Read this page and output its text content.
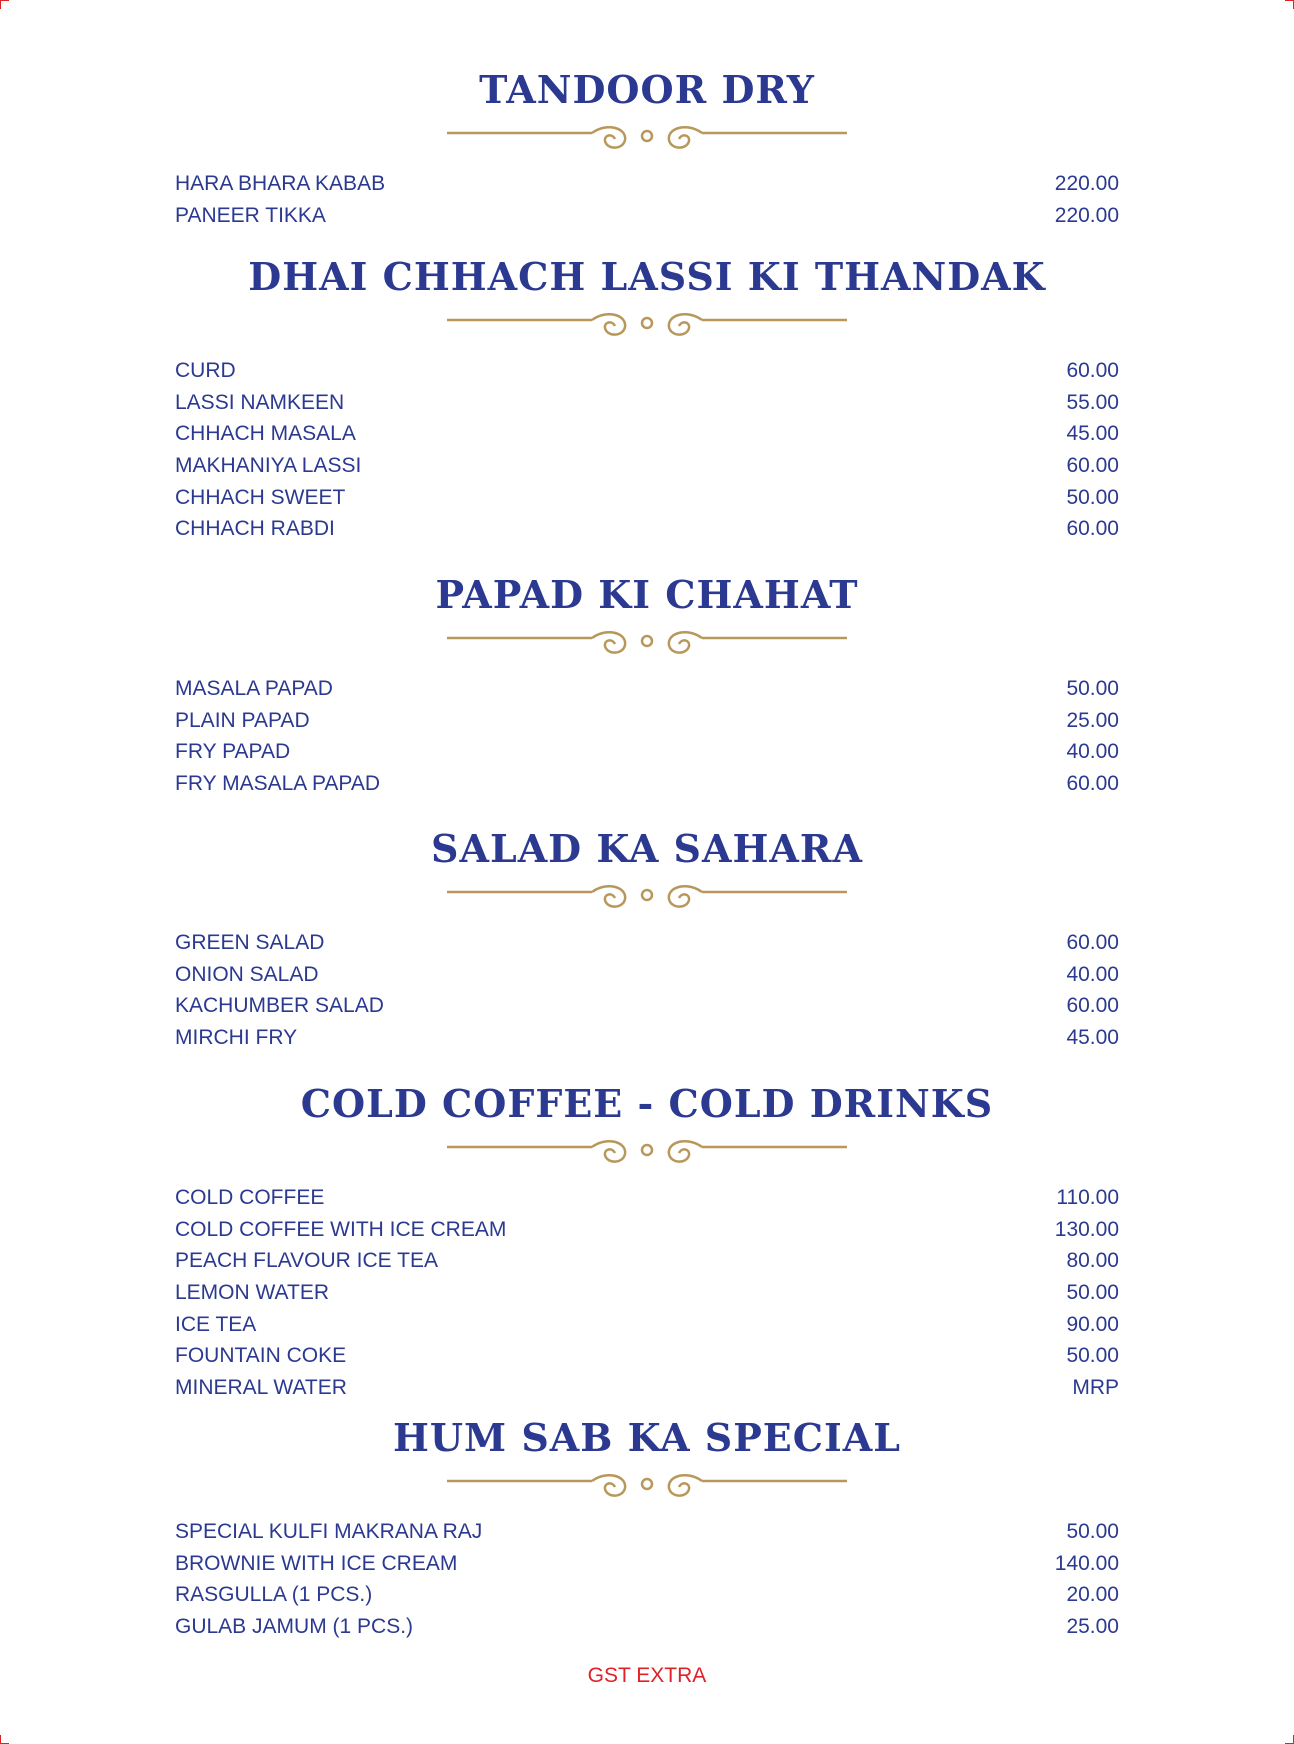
TANDOOR DRY
HARA BHARA KABAB	220.00
PANEER TIKKA	220.00
DHAI CHHACH LASSI KI THANDAK
CURD	60.00
LASSI NAMKEEN	55.00
CHHACH MASALA	45.00
MAKHANIYA LASSI	60.00
CHHACH SWEET	50.00
CHHACH RABDI	60.00
PAPAD KI CHAHAT
MASALA PAPAD	50.00
PLAIN PAPAD	25.00
FRY PAPAD	40.00
FRY MASALA PAPAD	60.00
SALAD KA SAHARA
GREEN SALAD	60.00
ONION SALAD	40.00
KACHUMBER SALAD	60.00
MIRCHI FRY	45.00
COLD COFFEE - COLD DRINKS
COLD COFFEE	110.00
COLD COFFEE WITH ICE CREAM	130.00
PEACH FLAVOUR ICE TEA	80.00
LEMON WATER	50.00
ICE TEA	90.00
FOUNTAIN COKE	50.00
MINERAL WATER	MRP
HUM SAB KA SPECIAL
SPECIAL KULFI MAKRANA RAJ	50.00
BROWNIE WITH ICE CREAM	140.00
RASGULLA (1 PCS.)	20.00
GULAB JAMUM (1 PCS.)	25.00
GST EXTRA
